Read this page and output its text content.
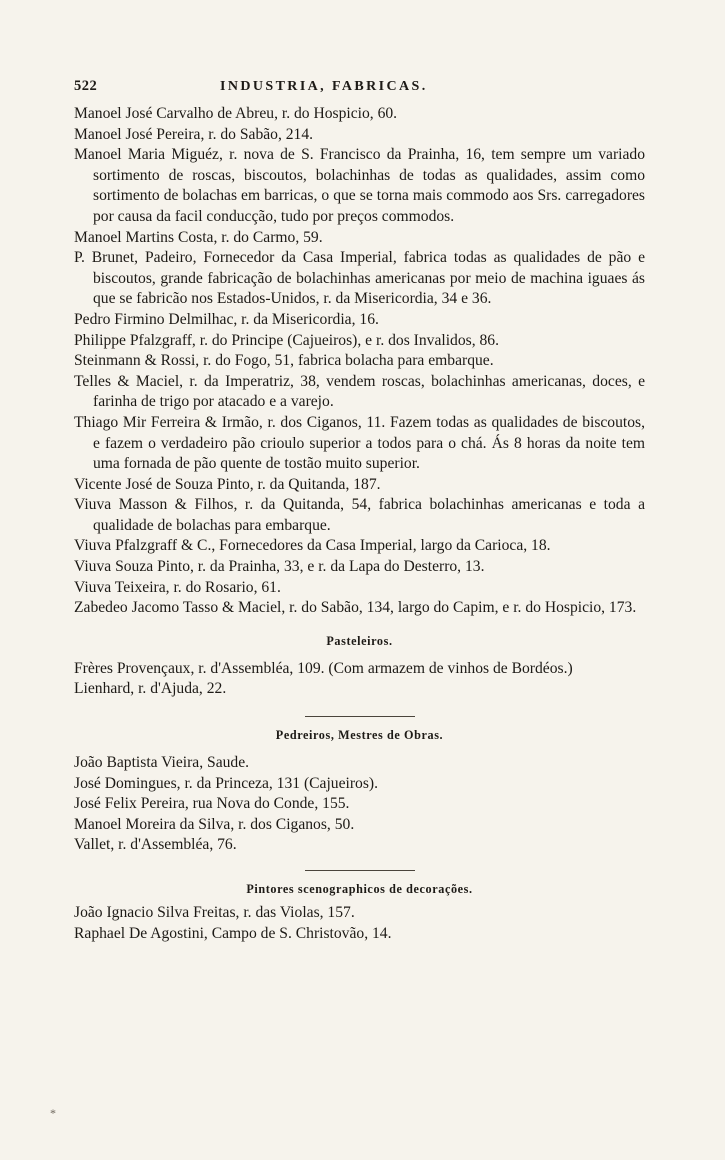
522	INDUSTRIA, FABRICAS.
Manoel José Carvalho de Abreu, r. do Hospicio, 60.
Manoel José Pereira, r. do Sabão, 214.
Manoel Maria Miguéz, r. nova de S. Francisco da Prainha, 16, tem sempre um variado sortimento de roscas, biscoutos, bolachinhas de todas as qualidades, assim como sortimento de bolachas em barricas, o que se torna mais commodo aos Srs. carregadores por causa da facil conducção, tudo por preços commodos.
Manoel Martins Costa, r. do Carmo, 59.
P. Brunet, Padeiro, Fornecedor da Casa Imperial, fabrica todas as qualidades de pão e biscoutos, grande fabricação de bolachinhas americanas por meio de machina iguaes ás que se fabricão nos Estados-Unidos, r. da Misericordia, 34 e 36.
Pedro Firmino Delmilhac, r. da Misericordia, 16.
Philippe Pfalzgraff, r. do Principe (Cajueiros), e r. dos Invalidos, 86.
Steinmann & Rossi, r. do Fogo, 51, fabrica bolacha para embarque.
Telles & Maciel, r. da Imperatriz, 38, vendem roscas, bolachinhas americanas, doces, e farinha de trigo por atacado e a varejo.
Thiago Mir Ferreira & Irmão, r. dos Ciganos, 11. Fazem todas as qualidades de biscoutos, e fazem o verdadeiro pão crioulo superior a todos para o chá. Ás 8 horas da noite tem uma fornada de pão quente de tostão muito superior.
Vicente José de Souza Pinto, r. da Quitanda, 187.
Viuva Masson & Filhos, r. da Quitanda, 54, fabrica bolachinhas americanas e toda a qualidade de bolachas para embarque.
Viuva Pfalzgraff & C., Fornecedores da Casa Imperial, largo da Carioca, 18.
Viuva Souza Pinto, r. da Prainha, 33, e r. da Lapa do Desterro, 13.
Viuva Teixeira, r. do Rosario, 61.
Zabedeo Jacomo Tasso & Maciel, r. do Sabão, 134, largo do Capim, e r. do Hospicio, 173.
Pasteleiros.
Frères Provençaux, r. d'Assembléa, 109. (Com armazem de vinhos de Bordéos.)
Lienhard, r. d'Ajuda, 22.
Pedreiros, Mestres de Obras.
João Baptista Vieira, Saude.
José Domingues, r. da Princeza, 131 (Cajueiros).
José Felix Pereira, rua Nova do Conde, 155.
Manoel Moreira da Silva, r. dos Ciganos, 50.
Vallet, r. d'Assembléa, 76.
Pintores scenographicos de decorações.
João Ignacio Silva Freitas, r. das Violas, 157.
Raphael De Agostini, Campo de S. Christovão, 14.
*
